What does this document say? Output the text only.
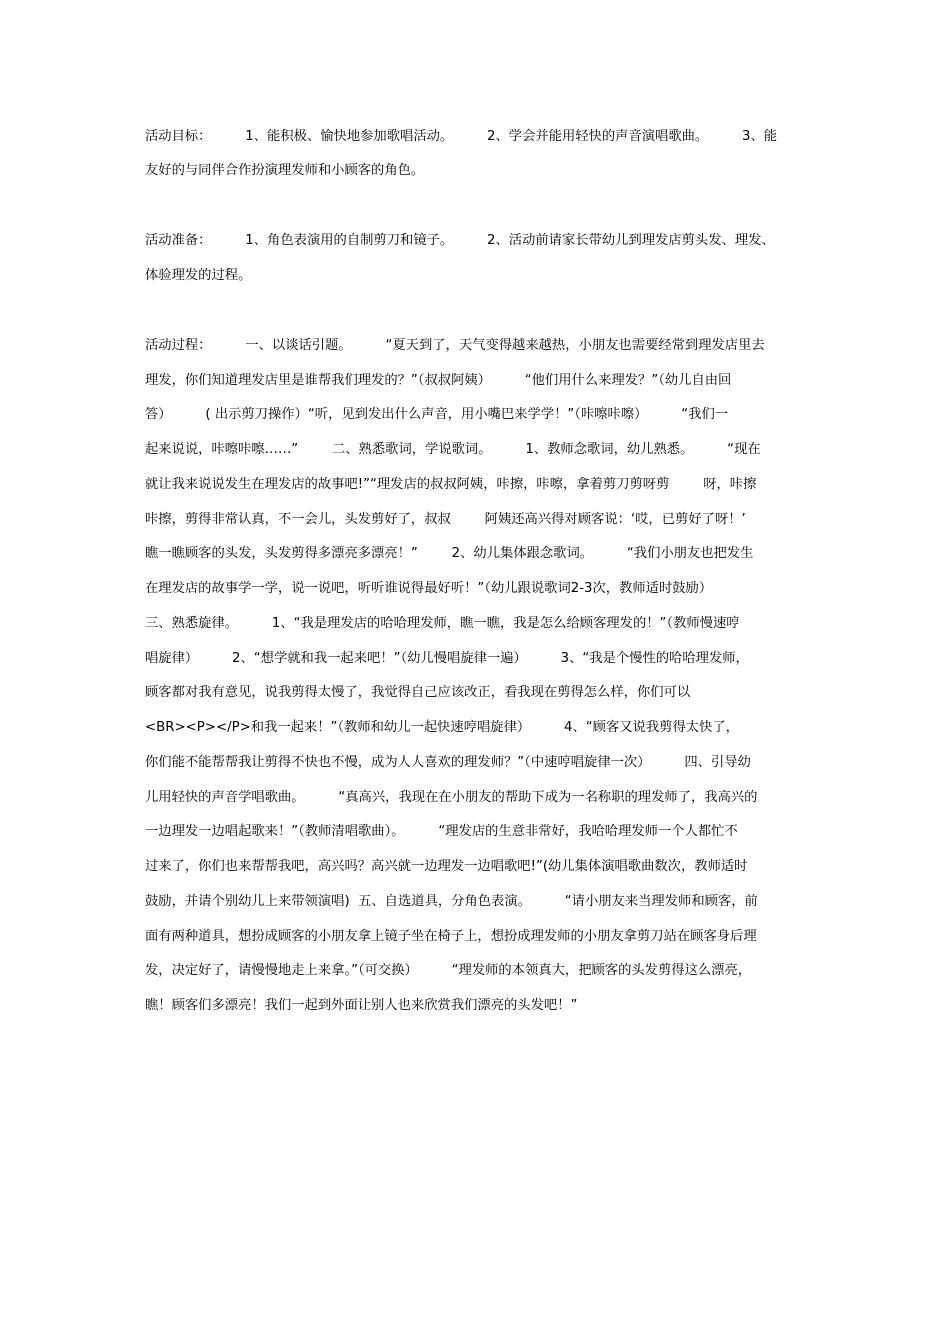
活动目标：        1、能积极、愉快地参加歌唱活动。        2、学会并能用轻快的声音演唱歌曲。        3、能
友好的与同伴合作扮演理发师和小顾客的角色。
活动准备：        1、角色表演用的自制剪刀和镜子。        2、活动前请家长带幼儿到理发店剪头发、理发、
体验理发的过程。
活动过程：        一、以谈话引题。        “夏天到了，天气变得越来越热，小朋友也需要经常到理发店里去
理发，你们知道理发店里是谁帮我们理发的？”（叔叔阿姨）        “他们用什么来理发？”（幼儿自由回
答）        ( 出示剪刀操作）“听，见到发出什么声音，用小嘴巴来学学！”（咔嚓咔嚓）        “我们一
起来说说，咔嚓咔嚓……”        二、熟悉歌词，学说歌词。        1、教师念歌词，幼儿熟悉。        “现在
就让我来说说发生在理发店的故事吧!”“理发店的叔叔阿姨，咔擦，咔嚓，拿着剪刀剪呀剪        呀，咔擦
咔擦，剪得非常认真，不一会儿，头发剪好了，叔叔        阿姨还高兴得对顾客说：‘哎，已剪好了呀！’
瞧一瞧顾客的头发，头发剪得多漂亮多漂亮！”        2、幼儿集体跟念歌词。        “我们小朋友也把发生
在理发店的故事学一学，说一说吧，听听谁说得最好听！”（幼儿跟说歌词2-3次，教师适时鼓励）
三、熟悉旋律。        1、“我是理发店的哈哈理发师，瞧一瞧，我是怎么给顾客理发的！”（教师慢速哼
唱旋律）        2、“想学就和我一起来吧！”（幼儿慢唱旋律一遍）        3、“我是个慢性的哈哈理发师，
顾客都对我有意见，说我剪得太慢了，我觉得自己应该改正，看我现在剪得怎么样，你们可以
<BR><P></P>和我一起来！”（教师和幼儿一起快速哼唱旋律）        4、“顾客又说我剪得太快了，
你们能不能帮帮我让剪得不快也不慢，成为人人喜欢的理发师？”（中速哼唱旋律一次）        四、引导幼
儿用轻快的声音学唱歌曲。        “真高兴，我现在在小朋友的帮助下成为一名称职的理发师了，我高兴的
一边理发一边唱起歌来！”（教师清唱歌曲）。        “理发店的生意非常好，我哈哈理发师一个人都忙不
过来了，你们也来帮帮我吧，高兴吗？高兴就一边理发一边唱歌吧!”(幼儿集体演唱歌曲数次，教师适时
鼓励，并请个别幼儿上来带领演唱)  五、自选道具，分角色表演。        “请小朋友来当理发师和顾客，前
面有两种道具，想扮成顾客的小朋友拿上镜子坐在椅子上，想扮成理发师的小朋友拿剪刀站在顾客身后理
发，决定好了，请慢慢地走上来拿。”（可交换）        “理发师的本领真大，把顾客的头发剪得这么漂亮，
瞧！顾客们多漂亮！我们一起到外面让别人也来欣赏我们漂亮的头发吧！”
